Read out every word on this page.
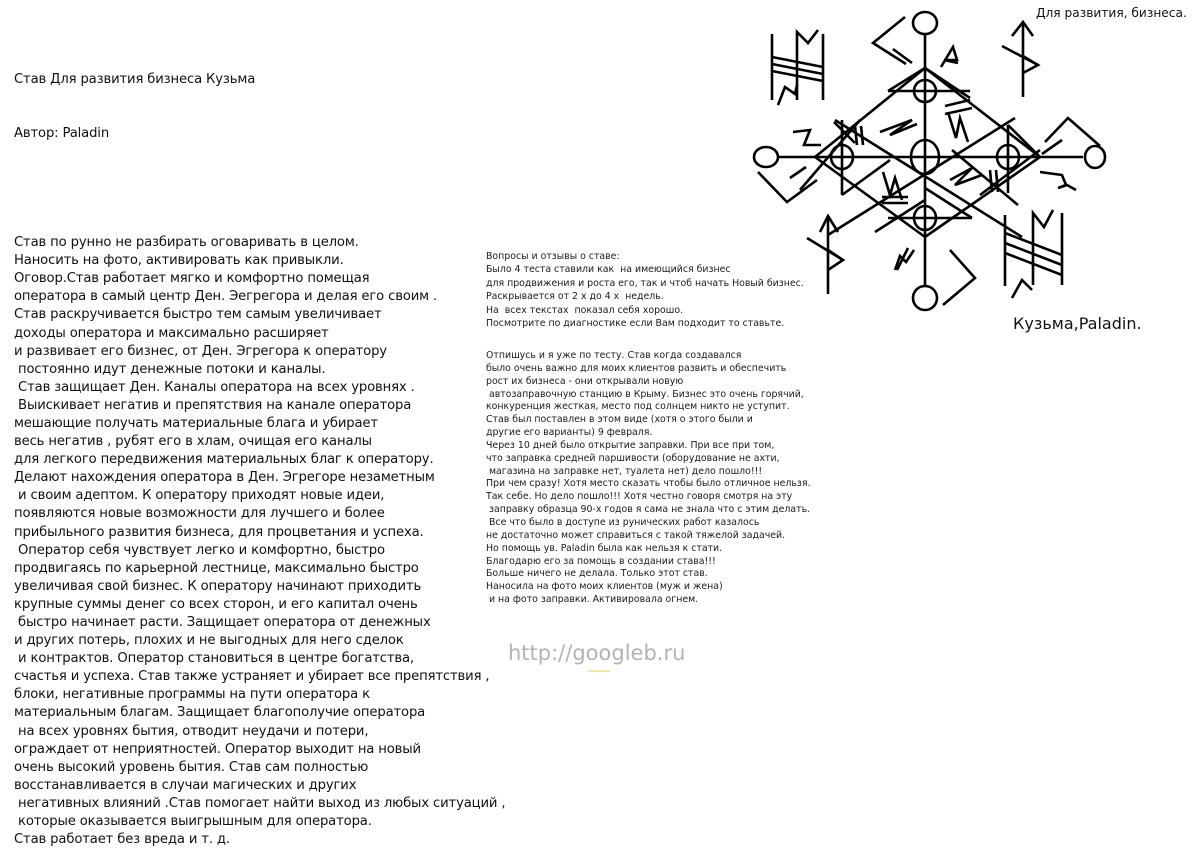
Став Для развития бизнеса Кузьма

Автор: Paladin

Став по рунно не разбирать оговаривать в целом.
Наносить на фото, активировать как привыкли.
Оговор.Став работает мягко и комфортно помещая
оператора в самый центр Ден. Эегрегора и делая его своим .
Став раскручивается быстро тем самым увеличивает
доходы оператора и максимально расширяет
и развивает его бизнес, от Ден. Эгрегора к оператору
постоянно идут денежные потоки и каналы.
Став защищает Ден. Каналы оператора на всех уровнях .
Выискивает негатив и препятствия на канале оператора
мешающие получать материальные блага и убирает
весь негатив , рубят его в хлам, очищая его каналы
для легкого передвижения материальных благ к оператору.
Делают нахождения оператора в Ден. Эгрегоре незаметным
и своим адептом. К оператору приходят новые идеи,
появляются новые возможности для лучшего и более
прибыльного развития бизнеса, для процветания и успеха.
Оператор себя чувствует легко и комфортно, быстро
продвигаясь по карьерной лестнице, максимально быстро
увеличивая свой бизнес. К оператору начинают приходить
крупные суммы денег со всех сторон, и его капитал очень
быстро начинает расти. Защищает оператора от денежных
и других потерь, плохих и не выгодных для него сделок
и контрактов. Оператор становиться в центре богатства,
счастья и успеха. Став также устраняет и убирает все препятствия ,
блоки, негативные программы на пути оператора к
материальным благам. Защищает благополучие оператора
на всех уровнях бытия, отводит неудачи и потери,
ограждает от неприятностей. Оператор выходит на новый
очень высокий уровень бытия. Став сам полностью
восстанавливается в случаи магических и других
негативных влияний .Став помогает найти выход из любых ситуаций ,
которые оказывается выигрышным для оператора.
Став работает без вреда и т. д.

Вопросы и отзывы о ставе:
Было 4 теста ставили как  на имеющийся бизнес
для продвижения и роста его, так и чтоб начать Новый бизнес.
Раскрывается от 2 х до 4 х  недель.
На  всех текстах  показал себя хорошо.
Посмотрите по диагностике если Вам подходит то ставьте.
Отпишусь и я уже по тесту. Став когда создавался
было очень важно для моих клиентов развить и обеспечить
рост их бизнеса - они открывали новую
автозаправочную станцию в Крыму. Бизнес это очень горячий,
конкуренция жесткая, место под солнцем никто не уступит.
Став был поставлен в этом виде (хотя о этого были и
другие его варианты) 9 февраля.
Через 10 дней было открытие заправки. При все при том,
что заправка средней паршивости (оборудование не ахти,
магазина на заправке нет, туалета нет) дело пошло!!!
При чем сразу! Хотя место сказать чтобы было отличное нельзя.
Так себе. Но дело пошло!!! Хотя честно говоря смотря на эту
заправку образца 90-х годов я сама не знала что с этим делать.
Все что было в доступе из рунических работ казалось
не достаточно может справиться с такой тяжелой задачей.
Но помощь ув. Paladin была как нельзя к стати.
Благодарю его за помощь в создании става!!!
Больше ничего не делала. Только этот став.
Наносила на фото моих клиентов (муж и жена)
и на фото заправки. Активировала огнем.
Для развития, бизнеса.
Кузьма,Paladin.
http://googleb.ru
